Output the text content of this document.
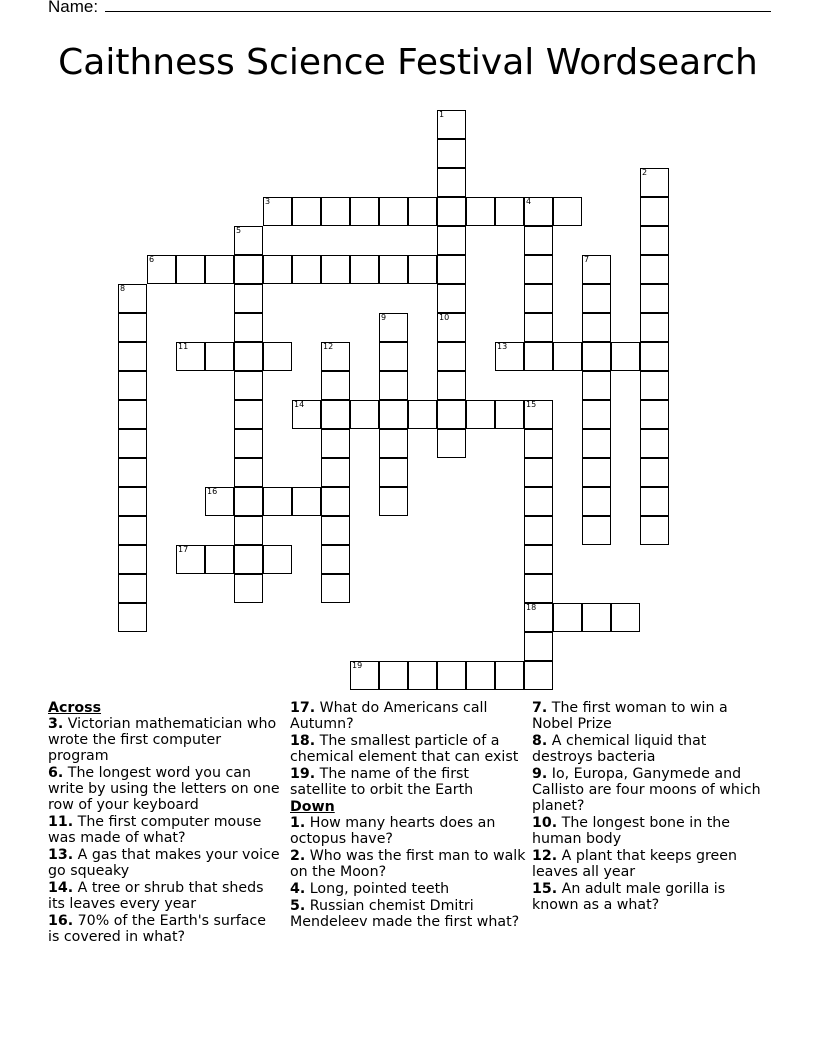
Name:
Caithness Science Festival Wordsearch
1
10
2
3	4
5
6	7
8
9
11	12	13
14	15
18
16
17
19
Across
3. Victorian mathematician who wrote the first computer program
6. The longest word you can write by using the letters on one row of your keyboard
11. The first computer mouse was made of what?
13. A gas that makes your voice go squeaky
14. A tree or shrub that sheds its leaves every year
16. 70% of the Earth's surface is covered in what?
17. What do Americans call Autumn?
18. The smallest particle of a chemical element that can exist
19. The name of the first satellite to orbit the Earth
Down
1. How many hearts does an octopus have?
2. Who was the first man to walk on the Moon?
4. Long, pointed teeth
5. Russian chemist Dmitri Mendeleev made the first what?
7. The first woman to win a Nobel Prize
8. A chemical liquid that destroys bacteria
9. Io, Europa, Ganymede and Callisto are four moons of which planet?
10. The longest bone in the human body
12. A plant that keeps green leaves all year
15. An adult male gorilla is known as a what?
